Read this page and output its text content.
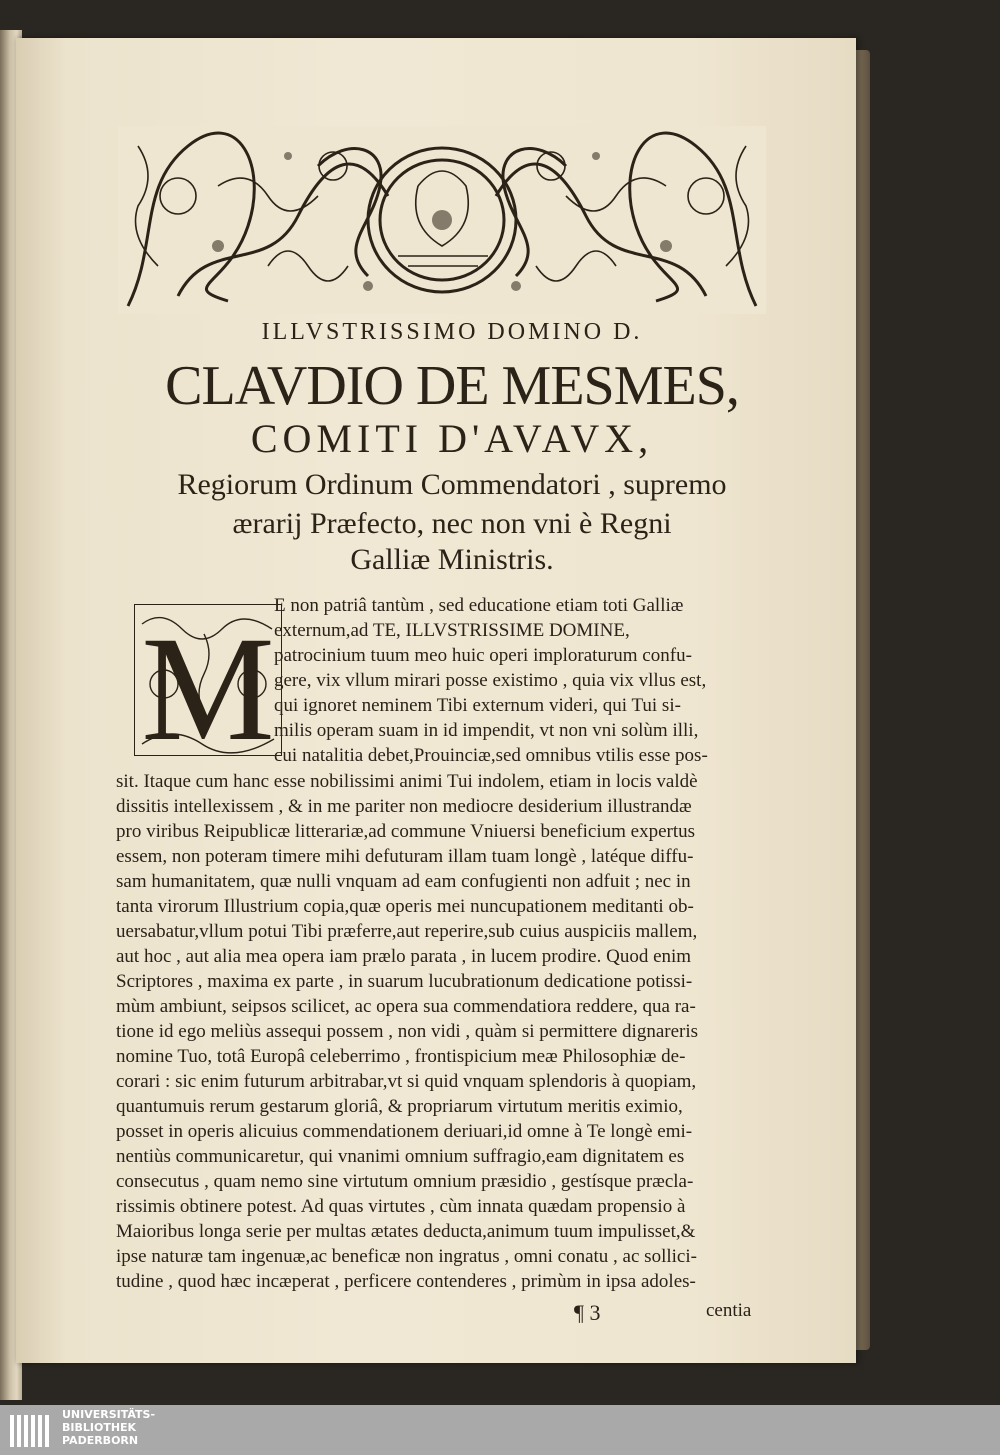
ILLVSTRISSIMO DOMINO D.
CLAVDIO DE MESMES,
COMITI D'AVAVX,
Regiorum Ordinum Commendatori , supremo
ærarij Præfecto, nec non vni è Regni
Galliæ Ministris.
M
E non patriâ tantùm , sed educatione etiam toti Galliæ
externum,ad TE, ILLVSTRISSIME DOMINE,
patrocinium tuum meo huic operi imploraturum confu-
gere, vix vllum mirari posse existimo , quia vix vllus est,
qui ignoret neminem Tibi externum videri, qui Tui si-
milis operam suam in id impendit, vt non vni solùm illi,
cui natalitia debet,Prouinciæ,sed omnibus vtilis esse pos-
sit. Itaque cum hanc esse nobilissimi animi Tui indolem, etiam in locis valdè
dissitis intellexissem , & in me pariter non mediocre desiderium illustrandæ
pro viribus Reipublicæ litterariæ,ad commune Vniuersi beneficium expertus
essem, non poteram timere mihi defuturam illam tuam longè , latéque diffu-
sam humanitatem, quæ nulli vnquam ad eam confugienti non adfuit ; nec in
tanta virorum Illustrium copia,quæ operis mei nuncupationem meditanti ob-
uersabatur,vllum potui Tibi præferre,aut reperire,sub cuius auspiciis mallem,
aut hoc , aut alia mea opera iam prælo parata , in lucem prodire. Quod enim
Scriptores , maxima ex parte , in suarum lucubrationum dedicatione potissi-
mùm ambiunt, seipsos scilicet, ac opera sua commendatiora reddere, qua ra-
tione id ego meliùs assequi possem , non vidi , quàm si permittere dignareris
nomine Tuo, totâ Europâ celeberrimo , frontispicium meæ Philosophiæ de-
corari : sic enim futurum arbitrabar,vt si quid vnquam splendoris à quopiam,
quantumuis rerum gestarum gloriâ, & propriarum virtutum meritis eximio,
posset in operis alicuius commendationem deriuari,id omne à Te longè emi-
nentiùs communicaretur, qui vnanimi omnium suffragio,eam dignitatem es
consecutus , quam nemo sine virtutum omnium præsidio , gestísque præcla-
rissimis obtinere potest. Ad quas virtutes , cùm innata quædam propensio à
Maioribus longa serie per multas ætates deducta,animum tuum impulisset,&
ipse naturæ tam ingenuæ,ac beneficæ non ingratus , omni conatu , ac sollici-
tudine , quod hæc incæperat , perficere contenderes , primùm in ipsa adoles-
¶ 3	centia
UNIVERSITÄTS-
BIBLIOTHEK
PADERBORN
